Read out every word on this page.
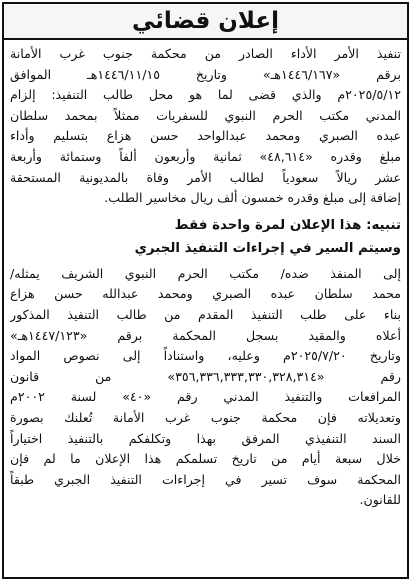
إعلان قضائي
تنفيذ الأمر الأداء الصادر من محكمة جنوب غرب الأمانة
برقم «١٤٤٦/١٦٧هـ» وتاريخ ١٤٤٦/١١/١٥هـ الموافق
٢٠٢٥/٥/١٢م والذي قضى لما هو محل طالب التنفيذ: إلزام
المدني مكتب الحرم النبوي للسفريات ممثلاً بمحمد سلطان
عبده الصبري ومحمد عبدالواحد حسن هزاع بتسليم وأداء
مبلغ وقدره «٤٨,٦١٤» ثمانية وأربعون ألفاً وستمائة وأربعة
عشر ريالاً سعودياً لطالب الأمر وفاة بالمديونية المستحقة
إضافة إلى مبلغ وقدره خمسون ألف ريال مخاسير الطلب.
تنبيه: هذا الإعلان لمرة واحدة فقط
وسيتم السير في إجراءات التنفيذ الجبري
إلى المنفذ ضده/ مكتب الحرم النبوي الشريف يمثله/
محمد سلطان عبده الصبري ومحمد عبدالله حسن هزاع
بناء على طلب التنفيذ المقدم من طالب التنفيذ المذكور
أعلاه والمقيد بسجل المحكمة برقم «١٤٤٧/١٢٣هـ»
وتاريخ ٢٠٢٥/٧/٢٠م وعليه، واستناداً إلى نصوص المواد
رقم «٣٥٦,٣٣٦,٣٣٣,٣٣٠,٣٢٨,٣١٤» من قانون
المرافعات والتنفيذ المدني رقم «٤٠» لسنة ٢٠٠٢م
وتعديلاته فإن محكمة جنوب غرب الأمانة تُعلنك بصورة
السند التنفيذي المرفق بهذا وتكلفكم بالتنفيذ اختياراً
خلال سبعة أيام من تاريخ تسلمكم هذا الإعلان ما لم فإن
المحكمة سوف تسير في إجراءات التنفيذ الجبري طبقاً
للقانون.
